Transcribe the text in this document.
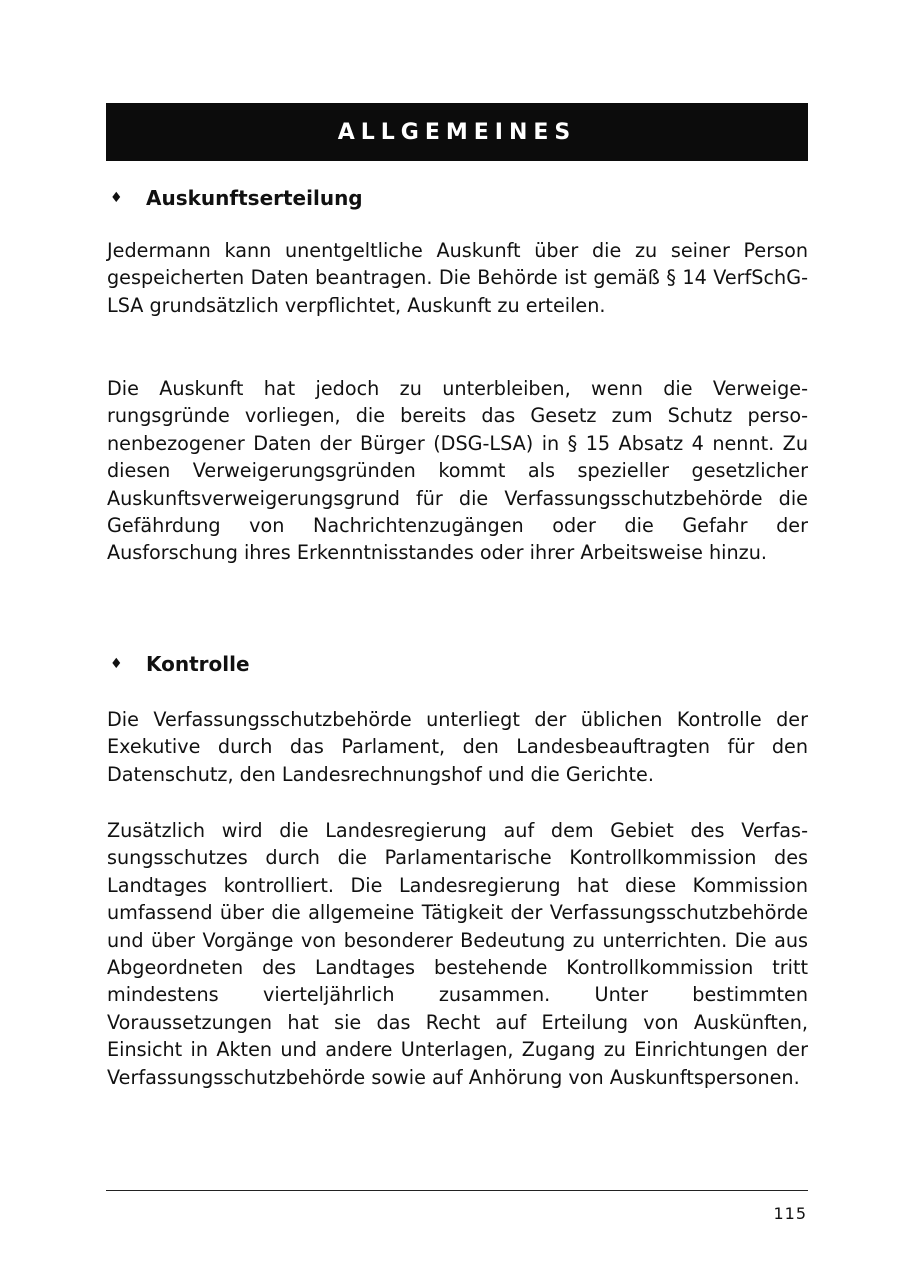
ALLGEMEINES
♦	Auskunftserteilung
Jedermann kann unentgeltliche Auskunft über die zu seiner Person gespeicherten Daten beantragen. Die Behörde ist gemäß § 14 VerfSchG-LSA grundsätzlich verpflichtet, Auskunft zu erteilen.
Die Auskunft hat jedoch zu unterbleiben, wenn die Verweigerungsgründe vorliegen, die bereits das Gesetz zum Schutz personenbezogener Daten der Bürger (DSG-LSA) in § 15 Absatz 4 nennt. Zu diesen Verweigerungsgründen kommt als spezieller gesetzlicher Auskunftsverweigerungsgrund für die Verfassungsschutzbehörde die Gefährdung von Nachrichtenzugängen oder die Gefahr der Ausforschung ihres Erkenntnisstandes oder ihrer Arbeitsweise hinzu.
♦	Kontrolle
Die Verfassungsschutzbehörde unterliegt der üblichen Kontrolle der Exekutive durch das Parlament, den Landesbeauftragten für den Datenschutz, den Landesrechnungshof und die Gerichte.
Zusätzlich wird die Landesregierung auf dem Gebiet des Verfassungsschutzes durch die Parlamentarische Kontrollkommission des Landtages kontrolliert. Die Landesregierung hat diese Kommission umfassend über die allgemeine Tätigkeit der Verfassungsschutzbehörde und über Vorgänge von besonderer Bedeutung zu unterrichten. Die aus Abgeordneten des Landtages bestehende Kontrollkommission tritt mindestens vierteljährlich zusammen. Unter bestimmten Voraussetzungen hat sie das Recht auf Erteilung von Auskünften, Einsicht in Akten und andere Unterlagen, Zugang zu Einrichtungen der Verfassungsschutzbehörde sowie auf Anhörung von Auskunftspersonen.
115
